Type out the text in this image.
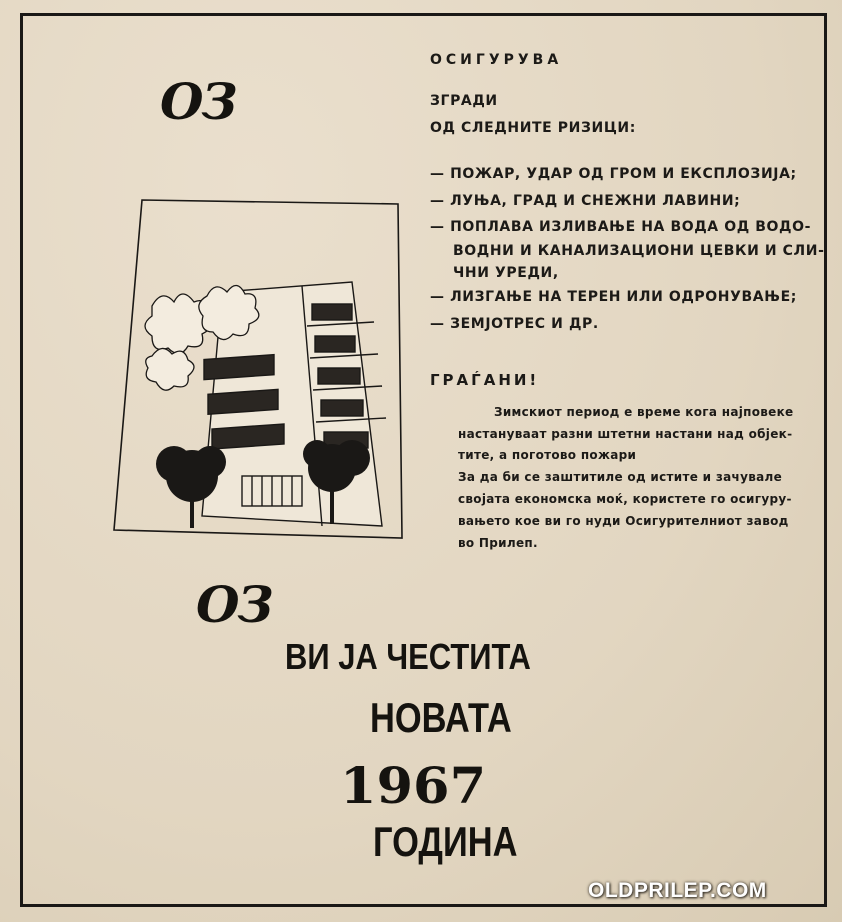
ОЗ
ОСИГУРУВА
ЗГРАДИ
ОД СЛЕДНИТЕ РИЗИЦИ:
— ПОЖАР, УДАР ОД ГРОМ И ЕКСПЛОЗИЈА;
— ЛУЊА, ГРАД И СНЕЖНИ ЛАВИНИ;
— ПОПЛАВА ИЗЛИВАЊЕ НА ВОДА ОД ВОДО-
ВОДНИ И КАНАЛИЗАЦИОНИ ЦЕВКИ И СЛИ-
ЧНИ УРЕДИ,
— ЛИЗГАЊЕ НА ТЕРЕН ИЛИ ОДРОНУВАЊЕ;
— ЗЕМЈОТРЕС И ДР.
ГРАЃАНИ!
Зимскиот период е време кога најповеке
настануваат разни штетни настани над објек-
тите, а поготово пожари
За да би се заштитиле од истите и зачувале
својата економска моќ, користете го осигуру-
вањето кое ви го нуди Осигурителниот завод
во Прилеп.
ОЗ
ВИ ЈА ЧЕСТИТА
НОВАТА
1967
ГОДИНА
OLDPRILEP.COM
